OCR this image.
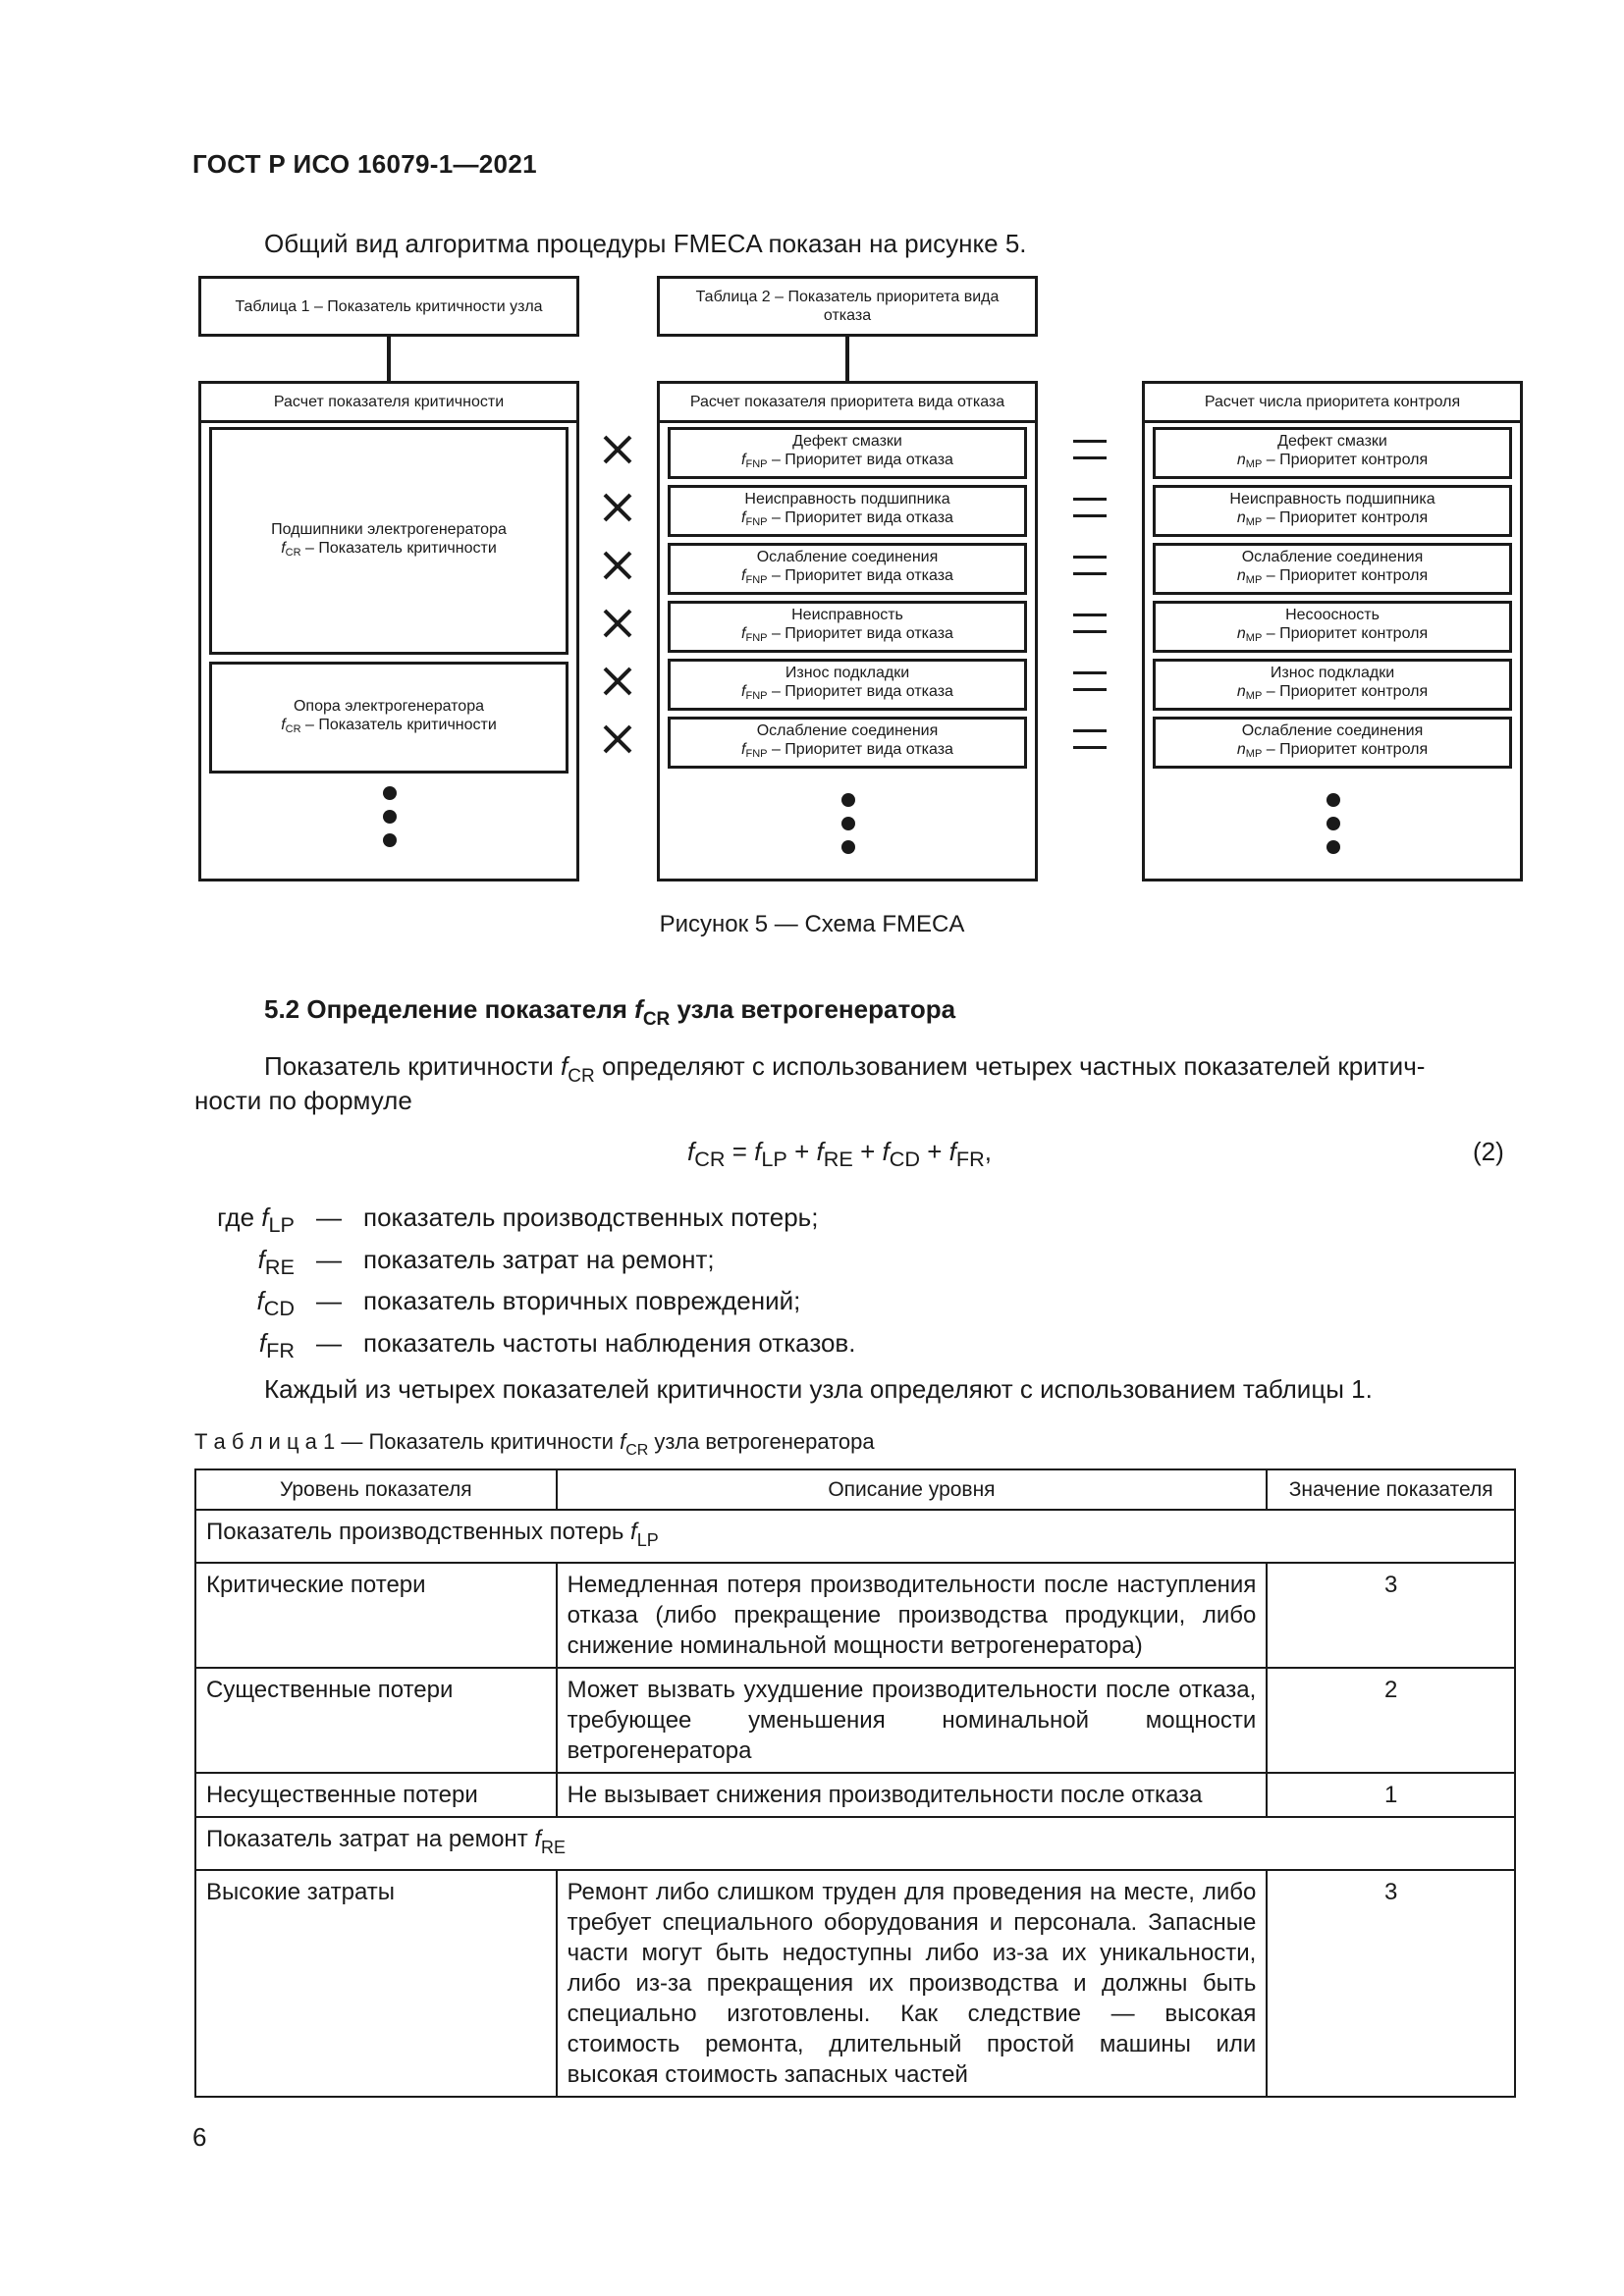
ГОСТ Р ИСО 16079-1—2021
Общий вид алгоритма процедуры FMECA показан на рисунке 5.
Таблица 1 – Показатель критичности узла
Таблица 2 – Показатель приоритета вида отказа
Расчет показателя критичности
Подшипники электрогенератора
$f_{CR}$ – Показатель критичности
Опора электрогенератора
$f_{CR}$ – Показатель критичности
Расчет показателя приоритета вида отказа
Дефект смазки
$f_{FNP}$ – Приоритет вида отказа
Неисправность подшипника
$f_{FNP}$ – Приоритет вида отказа
Ослабление соединения
$f_{FNP}$ – Приоритет вида отказа
Неисправность
$f_{FNP}$ – Приоритет вида отказа
Износ подкладки
$f_{FNP}$ – Приоритет вида отказа
Ослабление соединения
$f_{FNP}$ – Приоритет вида отказа
Расчет числа приоритета контроля
Дефект смазки
$n_{MP}$ – Приоритет контроля
Неисправность подшипника
$n_{MP}$ – Приоритет контроля
Ослабление соединения
$n_{MP}$ – Приоритет контроля
Несоосность
$n_{MP}$ – Приоритет контроля
Износ подкладки
$n_{MP}$ – Приоритет контроля
Ослабление соединения
$n_{MP}$ – Приоритет контроля
Рисунок 5 — Схема FMECA
5.2 Определение показателя $f_{CR}$ узла ветрогенератора
Показатель критичности $f_{CR}$ определяют с использованием четырех частных показателей критич-
ности по формуле
$f_{CR} = f_{LP} + f_{RE} + f_{CD} + f_{FR}$,	(2)
где $f_{LP}$ — показатель производственных потерь;
$f_{RE}$ — показатель затрат на ремонт;
$f_{CD}$ — показатель вторичных повреждений;
$f_{FR}$ — показатель частоты наблюдения отказов.
Каждый из четырех показателей критичности узла определяют с использованием таблицы 1.
Т а б л и ц а 1 — Показатель критичности $f_{CR}$ узла ветрогенератора
Уровень показателя	Описание уровня	Значение показателя
Показатель производственных потерь $f_{LP}$
Критические потери	Немедленная потеря производительности после наступления отказа (либо прекращение производства продукции, либо снижение номинальной мощности ветрогенератора)	3
Существенные потери	Может вызвать ухудшение производительности после отказа, требующее уменьшения номинальной мощности ветрогенератора	2
Несущественные потери	Не вызывает снижения производительности после отказа	1
Показатель затрат на ремонт $f_{RE}$
Высокие затраты	Ремонт либо слишком труден для проведения на месте, либо требует специального оборудования и персонала. Запасные части могут быть недоступны либо из-за их уникальности, либо из-за прекращения их производства и должны быть специально изготовлены. Как следствие — высокая стоимость ремонта, длительный простой машины или высокая стоимость запасных частей	3
6
